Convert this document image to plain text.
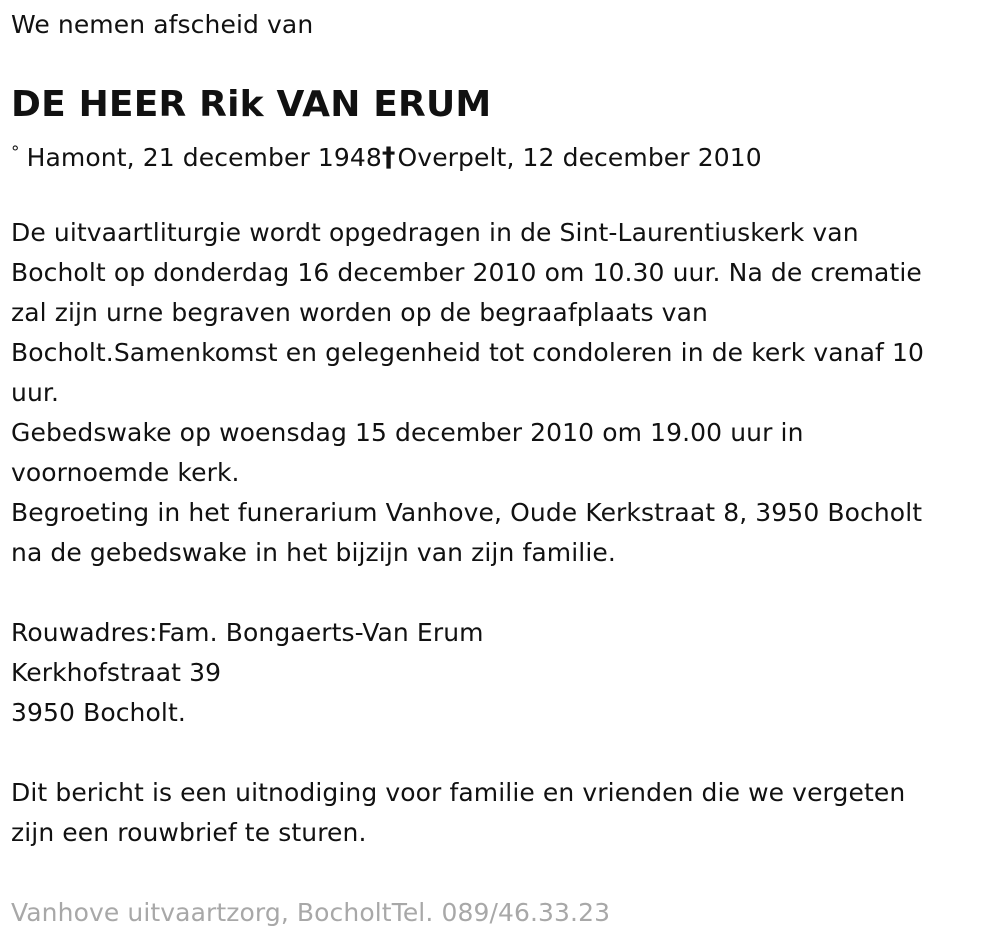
We nemen afscheid van
DE HEER Rik VAN ERUM
° Hamont, 21 december 1948†Overpelt, 12 december 2010
De uitvaartliturgie wordt opgedragen in de Sint-Laurentiuskerk van
Bocholt op donderdag 16 december 2010 om 10.30 uur. Na de crematie
zal zijn urne begraven worden op de begraafplaats van
Bocholt.Samenkomst en gelegenheid tot condoleren in de kerk vanaf 10
uur.
Gebedswake op woensdag 15 december 2010 om 19.00 uur in
voornoemde kerk.
Begroeting in het funerarium Vanhove, Oude Kerkstraat 8, 3950 Bocholt
na de gebedswake in het bijzijn van zijn familie.
Rouwadres:Fam. Bongaerts-Van Erum
Kerkhofstraat 39
3950 Bocholt.
Dit bericht is een uitnodiging voor familie en vrienden die we vergeten
zijn een rouwbrief te sturen.
Vanhove uitvaartzorg, BocholtTel. 089/46.33.23
